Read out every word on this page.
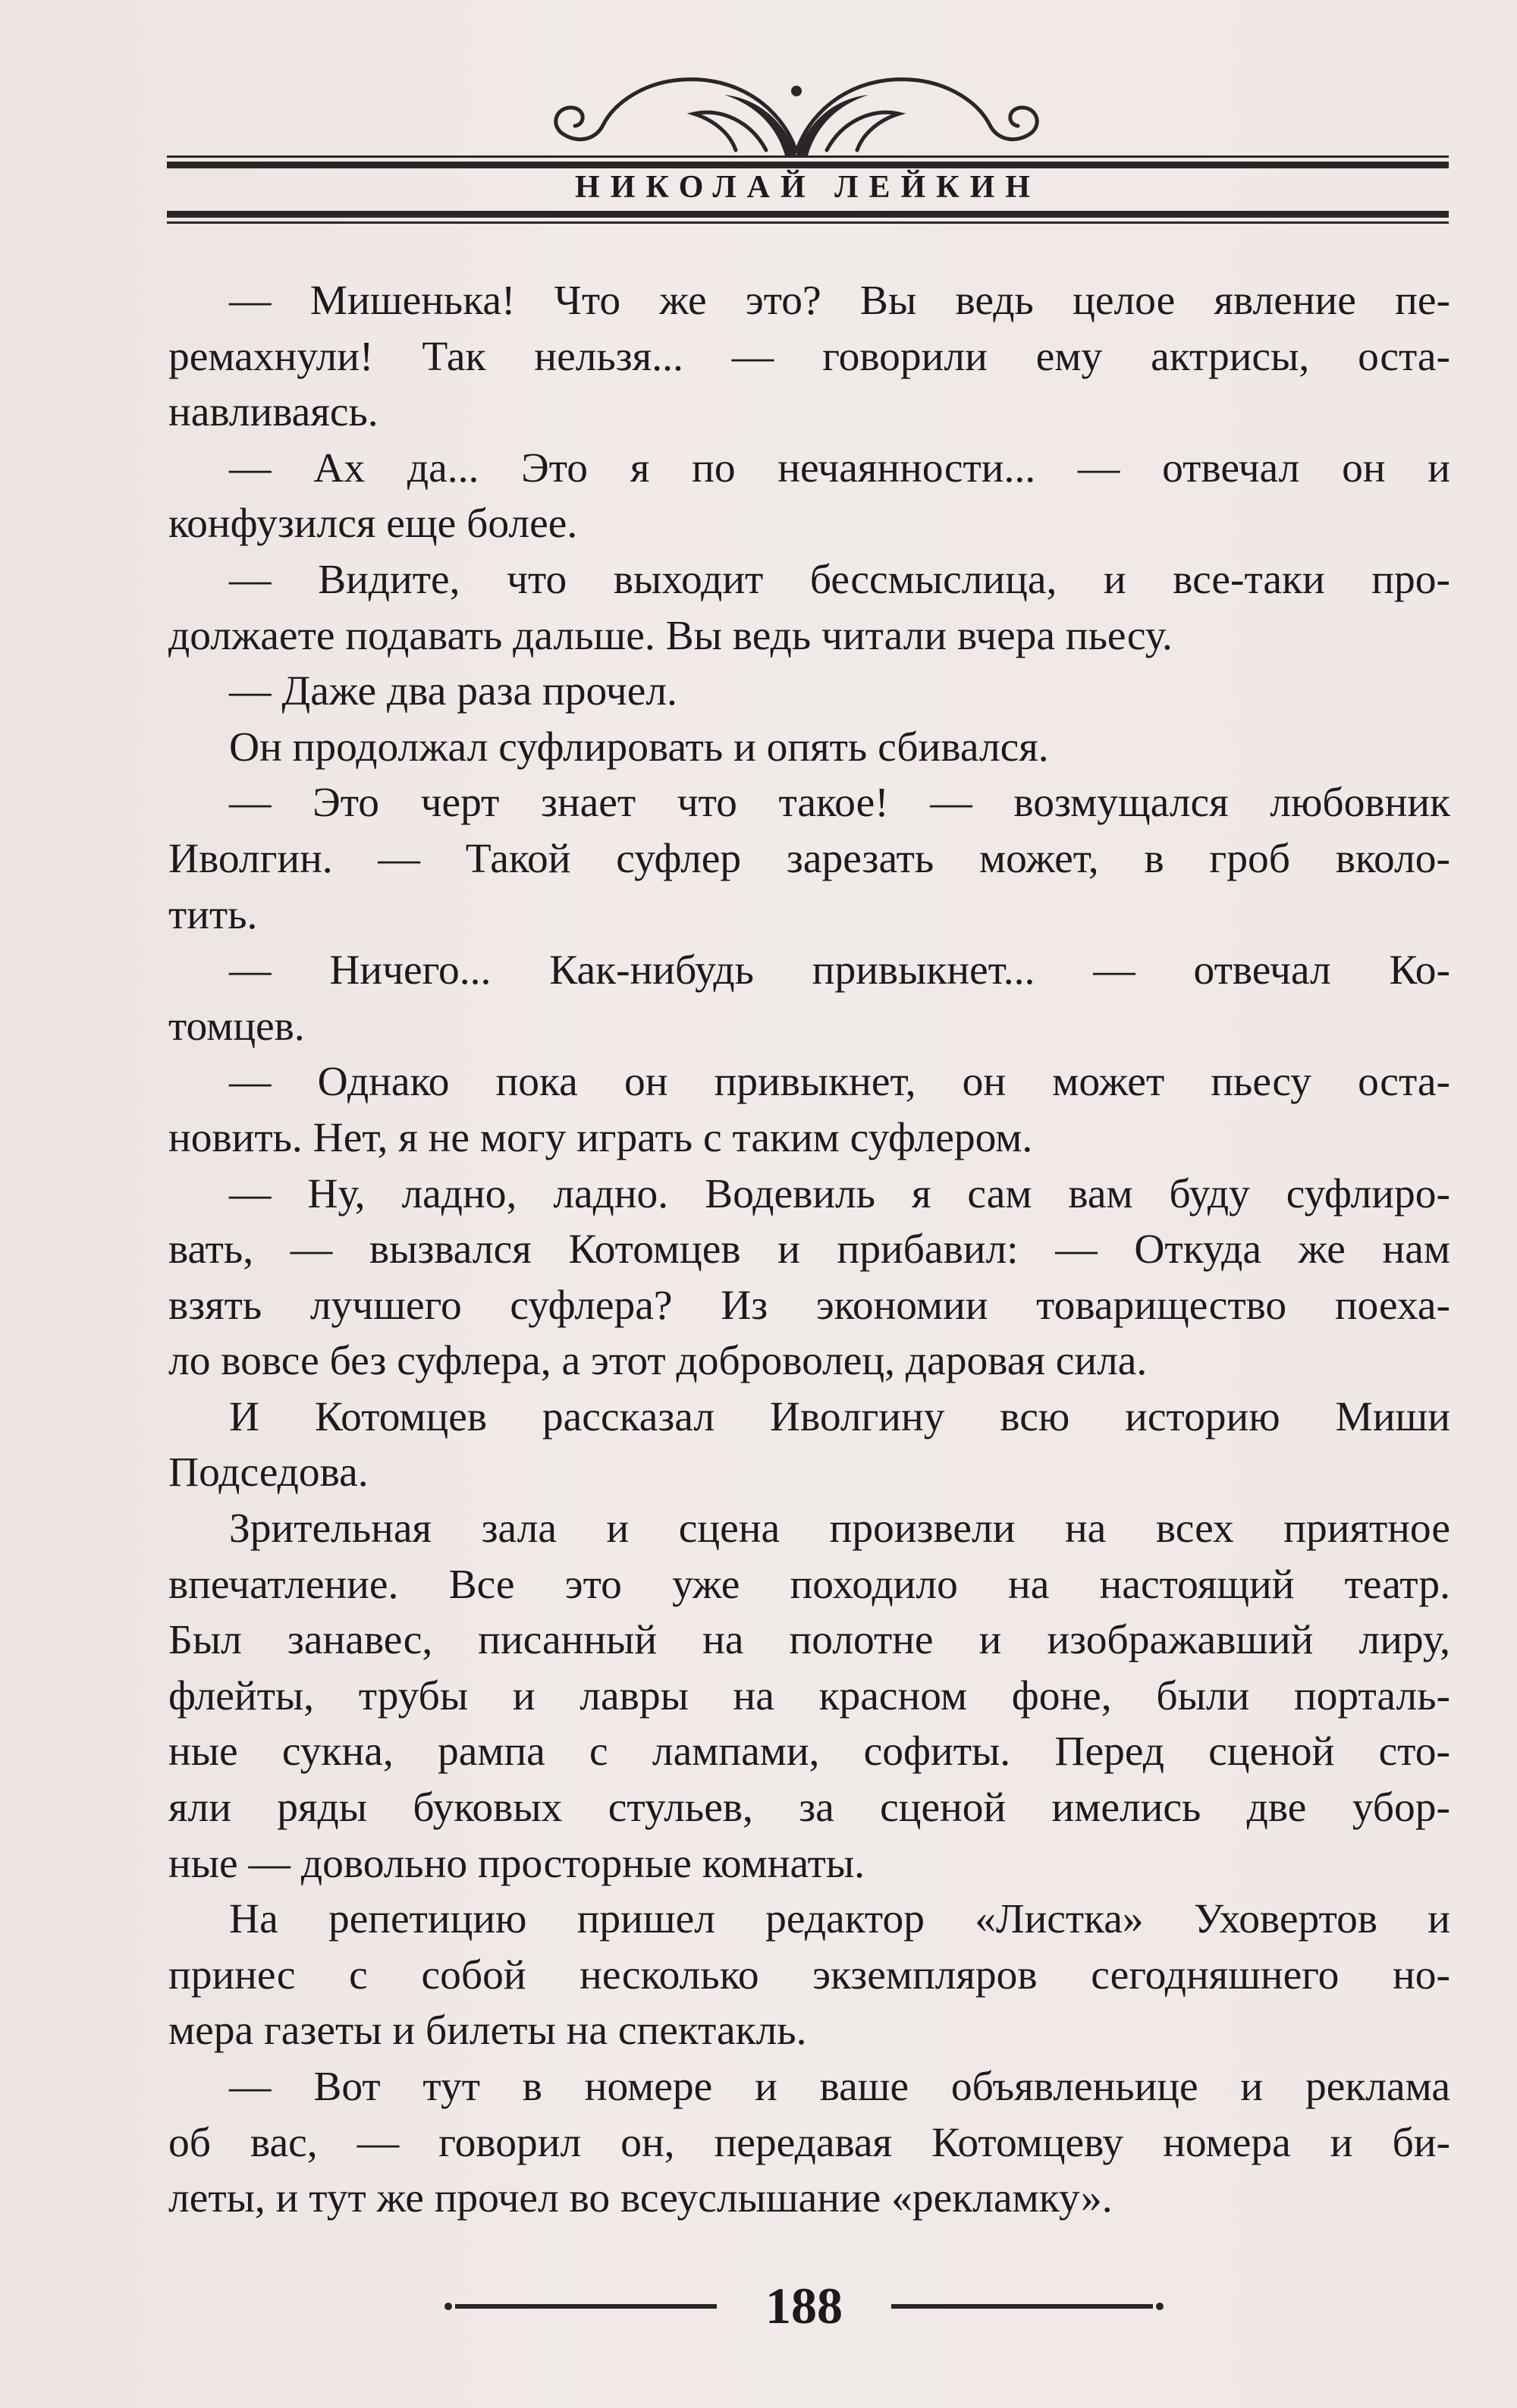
НИКОЛАЙ ЛЕЙКИН
— Мишенька! Что же это? Вы ведь целое явление пе-
ремахнули! Так нельзя... — говорили ему актрисы, оста-
навливаясь.
— Ах да... Это я по нечаянности... — отвечал он и
конфузился еще более.
— Видите, что выходит бессмыслица, и все-таки про-
должаете подавать дальше. Вы ведь читали вчера пьесу.
— Даже два раза прочел.
Он продолжал суфлировать и опять сбивался.
— Это черт знает что такое! — возмущался любовник
Иволгин. — Такой суфлер зарезать может, в гроб вколо-
тить.
— Ничего... Как-нибудь привыкнет... — отвечал Ко-
томцев.
— Однако пока он привыкнет, он может пьесу оста-
новить. Нет, я не могу играть с таким суфлером.
— Ну, ладно, ладно. Водевиль я сам вам буду суфлиро-
вать, — вызвался Котомцев и прибавил: — Откуда же нам
взять лучшего суфлера? Из экономии товарищество поеха-
ло вовсе без суфлера, а этот доброволец, даровая сила.
И Котомцев рассказал Иволгину всю историю Миши
Подседова.
Зрительная зала и сцена произвели на всех приятное
впечатление. Все это уже походило на настоящий театр.
Был занавес, писанный на полотне и изображавший лиру,
флейты, трубы и лавры на красном фоне, были порталь-
ные сукна, рампа с лампами, софиты. Перед сценой сто-
яли ряды буковых стульев, за сценой имелись две убор-
ные — довольно просторные комнаты.
На репетицию пришел редактор «Листка» Уховертов и
принес с собой несколько экземпляров сегодняшнего но-
мера газеты и билеты на спектакль.
— Вот тут в номере и ваше объявленьице и реклама
об вас, — говорил он, передавая Котомцеву номера и би-
леты, и тут же прочел во всеуслышание «рекламку».
188
